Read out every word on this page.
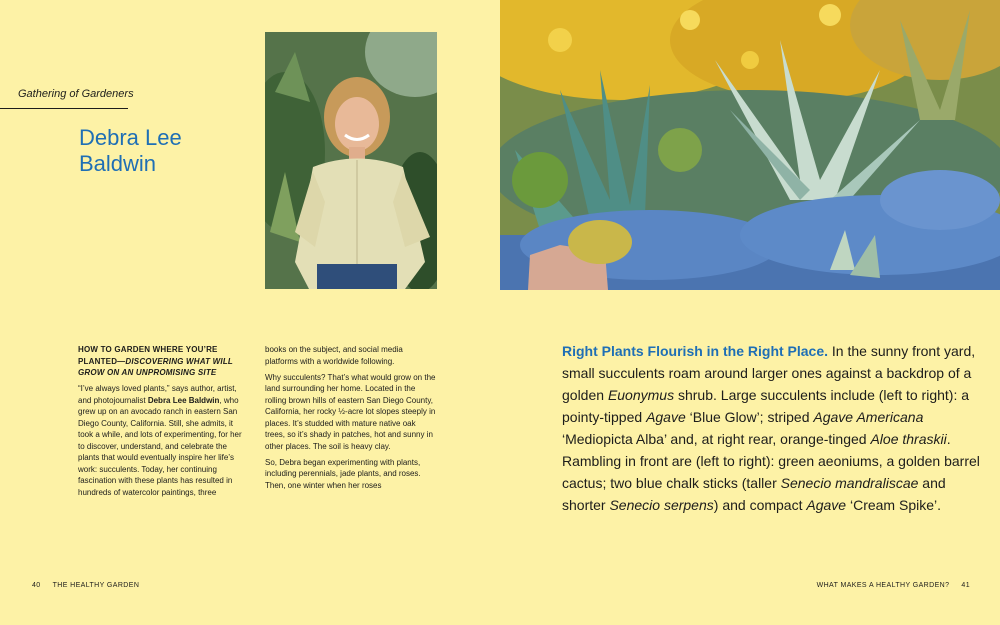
Gathering of Gardeners
Debra Lee Baldwin

HOW TO GARDEN WHERE YOU’RE PLANTED—DISCOVERING WHAT WILL GROW ON AN UNPROMISING SITE

“I’ve always loved plants,” says author, artist, and photojournalist Debra Lee Baldwin, who grew up on an avocado ranch in eastern San Diego County, California. Still, she admits, it took a while, and lots of experimenting, for her to discover, understand, and celebrate the plants that would eventually inspire her life’s work: succulents. Today, her continuing fascination with these plants has resulted in hundreds of watercolor paintings, three

books on the subject, and social media platforms with a worldwide following.

Why succulents? That’s what would grow on the land surrounding her home. Located in the rolling brown hills of eastern San Diego County, California, her rocky ½-acre lot slopes steeply in places. It’s studded with mature native oak trees, so it’s shady in patches, hot and sunny in other places. The soil is heavy clay.

So, Debra began experimenting with plants, including perennials, jade plants, and roses. Then, one winter when her roses

Right Plants Flourish in the Right Place. In the sunny front yard, small succulents roam around larger ones against a backdrop of a golden Euonymus shrub. Large succulents include (left to right): a pointy-tipped Agave ‘Blue Glow’; striped Agave Americana ‘Mediopicta Alba’ and, at right rear, orange-tinged Aloe thraskii. Rambling in front are (left to right): green aeoniums, a golden barrel cactus; two blue chalk sticks (taller Senecio mandraliscae and shorter Senecio serpens) and compact Agave ‘Cream Spike’.
40 THE HEALTHY GARDEN	WHAT MAKES A HEALTHY GARDEN? 41
